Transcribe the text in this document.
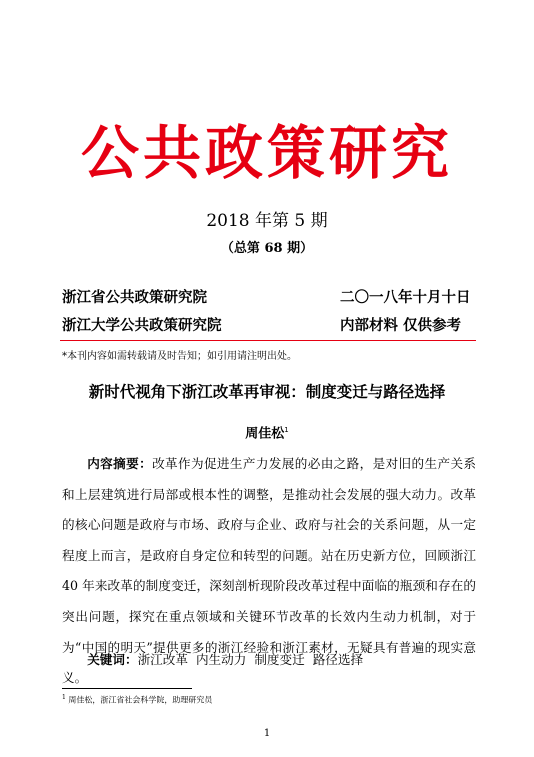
公共政策研究
2018 年第 5 期
（总第 68 期）
浙江省公共政策研究院	二〇一八年十月十日
浙江大学公共政策研究院	内部材料 仅供参考
*本刊内容如需转载请及时告知；如引用请注明出处。
新时代视角下浙江改革再审视：制度变迁与路径选择
周佳松$^1$
内容摘要：改革作为促进生产力发展的必由之路，是对旧的生产关系和上层建筑进行局部或根本性的调整，是推动社会发展的强大动力。改革的核心问题是政府与市场、政府与企业、政府与社会的关系问题，从一定程度上而言，是政府自身定位和转型的问题。站在历史新方位，回顾浙江 40 年来改革的制度变迁，深刻剖析现阶段改革过程中面临的瓶颈和存在的突出问题，探究在重点领域和关键环节改革的长效内生动力机制，对于为“中国的明天”提供更多的浙江经验和浙江素材，无疑具有普遍的现实意义。
关键词：浙江改革 内生动力 制度变迁 路径选择
$^1$ 周佳松，浙江省社会科学院，助理研究员
1
